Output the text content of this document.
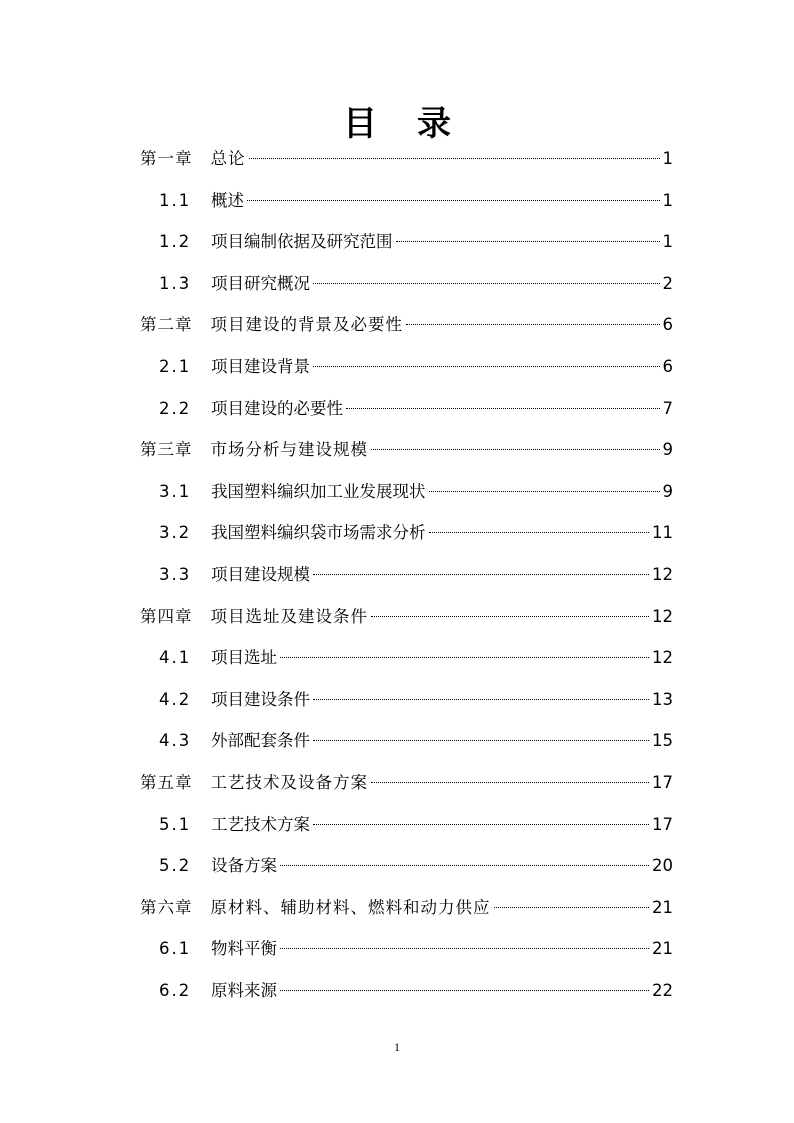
目 录
第一章 总论	1
1.1	概述	1
1.2	项目编制依据及研究范围	1
1.3	项目研究概况	2
第二章 项目建设的背景及必要性	6
2.1	项目建设背景	6
2.2	项目建设的必要性	7
第三章 市场分析与建设规模	9
3.1	我国塑料编织加工业发展现状	9
3.2	我国塑料编织袋市场需求分析	11
3.3	项目建设规模	12
第四章 项目选址及建设条件	12
4.1	项目选址	12
4.2	项目建设条件	13
4.3	外部配套条件	15
第五章 工艺技术及设备方案	17
5.1	工艺技术方案	17
5.2	设备方案	20
第六章 原材料、辅助材料、燃料和动力供应	21
6.1	物料平衡	21
6.2	原料来源	22
1
